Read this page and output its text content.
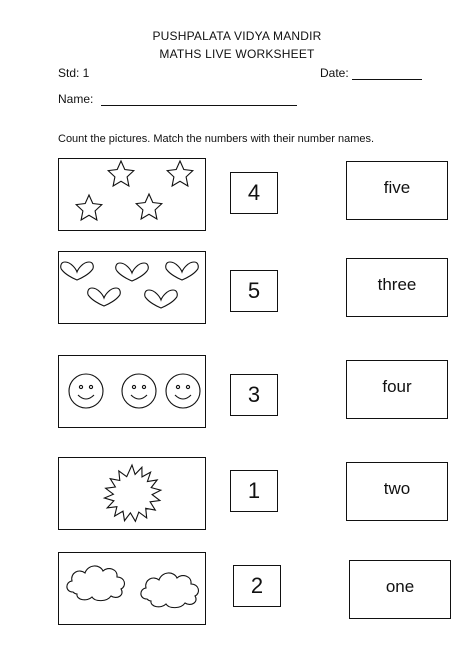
PUSHPALATA VIDYA MANDIR
MATHS LIVE WORKSHEET
Std: 1	Date:
Name:
Count the pictures. Match the numbers with their number names.
4	five
5	three
3	four
1	two
2	one
